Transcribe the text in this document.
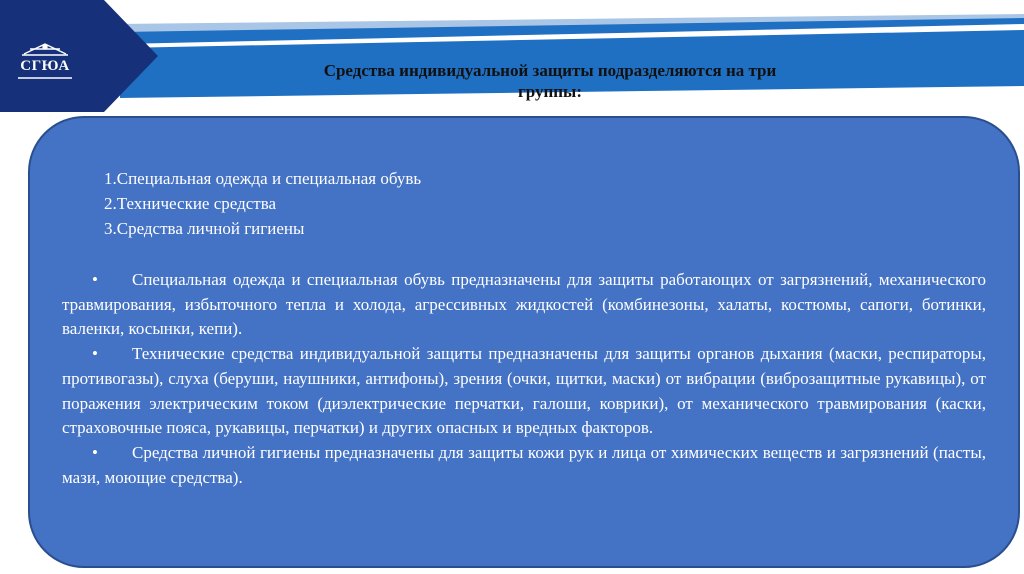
СГЮА	Средства индивидуальной защиты подразделяются на три
группы:
1.Специальная одежда и специальная обувь
2.Технические средства
3.Средства личной гигиены

• Специальная одежда и специальная обувь предназначены для защиты работающих от загрязнений, механического травмирования, избыточного тепла и холода, агрессивных жидкостей (комбинезоны, халаты, костюмы, сапоги, ботинки, валенки, косынки, кепи).

• Технические средства индивидуальной защиты предназначены для защиты органов дыхания (маски, респираторы, противогазы), слуха (беруши, наушники, антифоны), зрения (очки, щитки, маски) от вибрации (виброзащитные рукавицы), от поражения электрическим током (диэлектрические перчатки, галоши, коврики), от механического травмирования (каски, страховочные пояса, рукавицы, перчатки) и других опасных и вредных факторов.

• Средства личной гигиены предназначены для защиты кожи рук и лица от химических веществ и загрязнений (пасты, мази, моющие средства).
